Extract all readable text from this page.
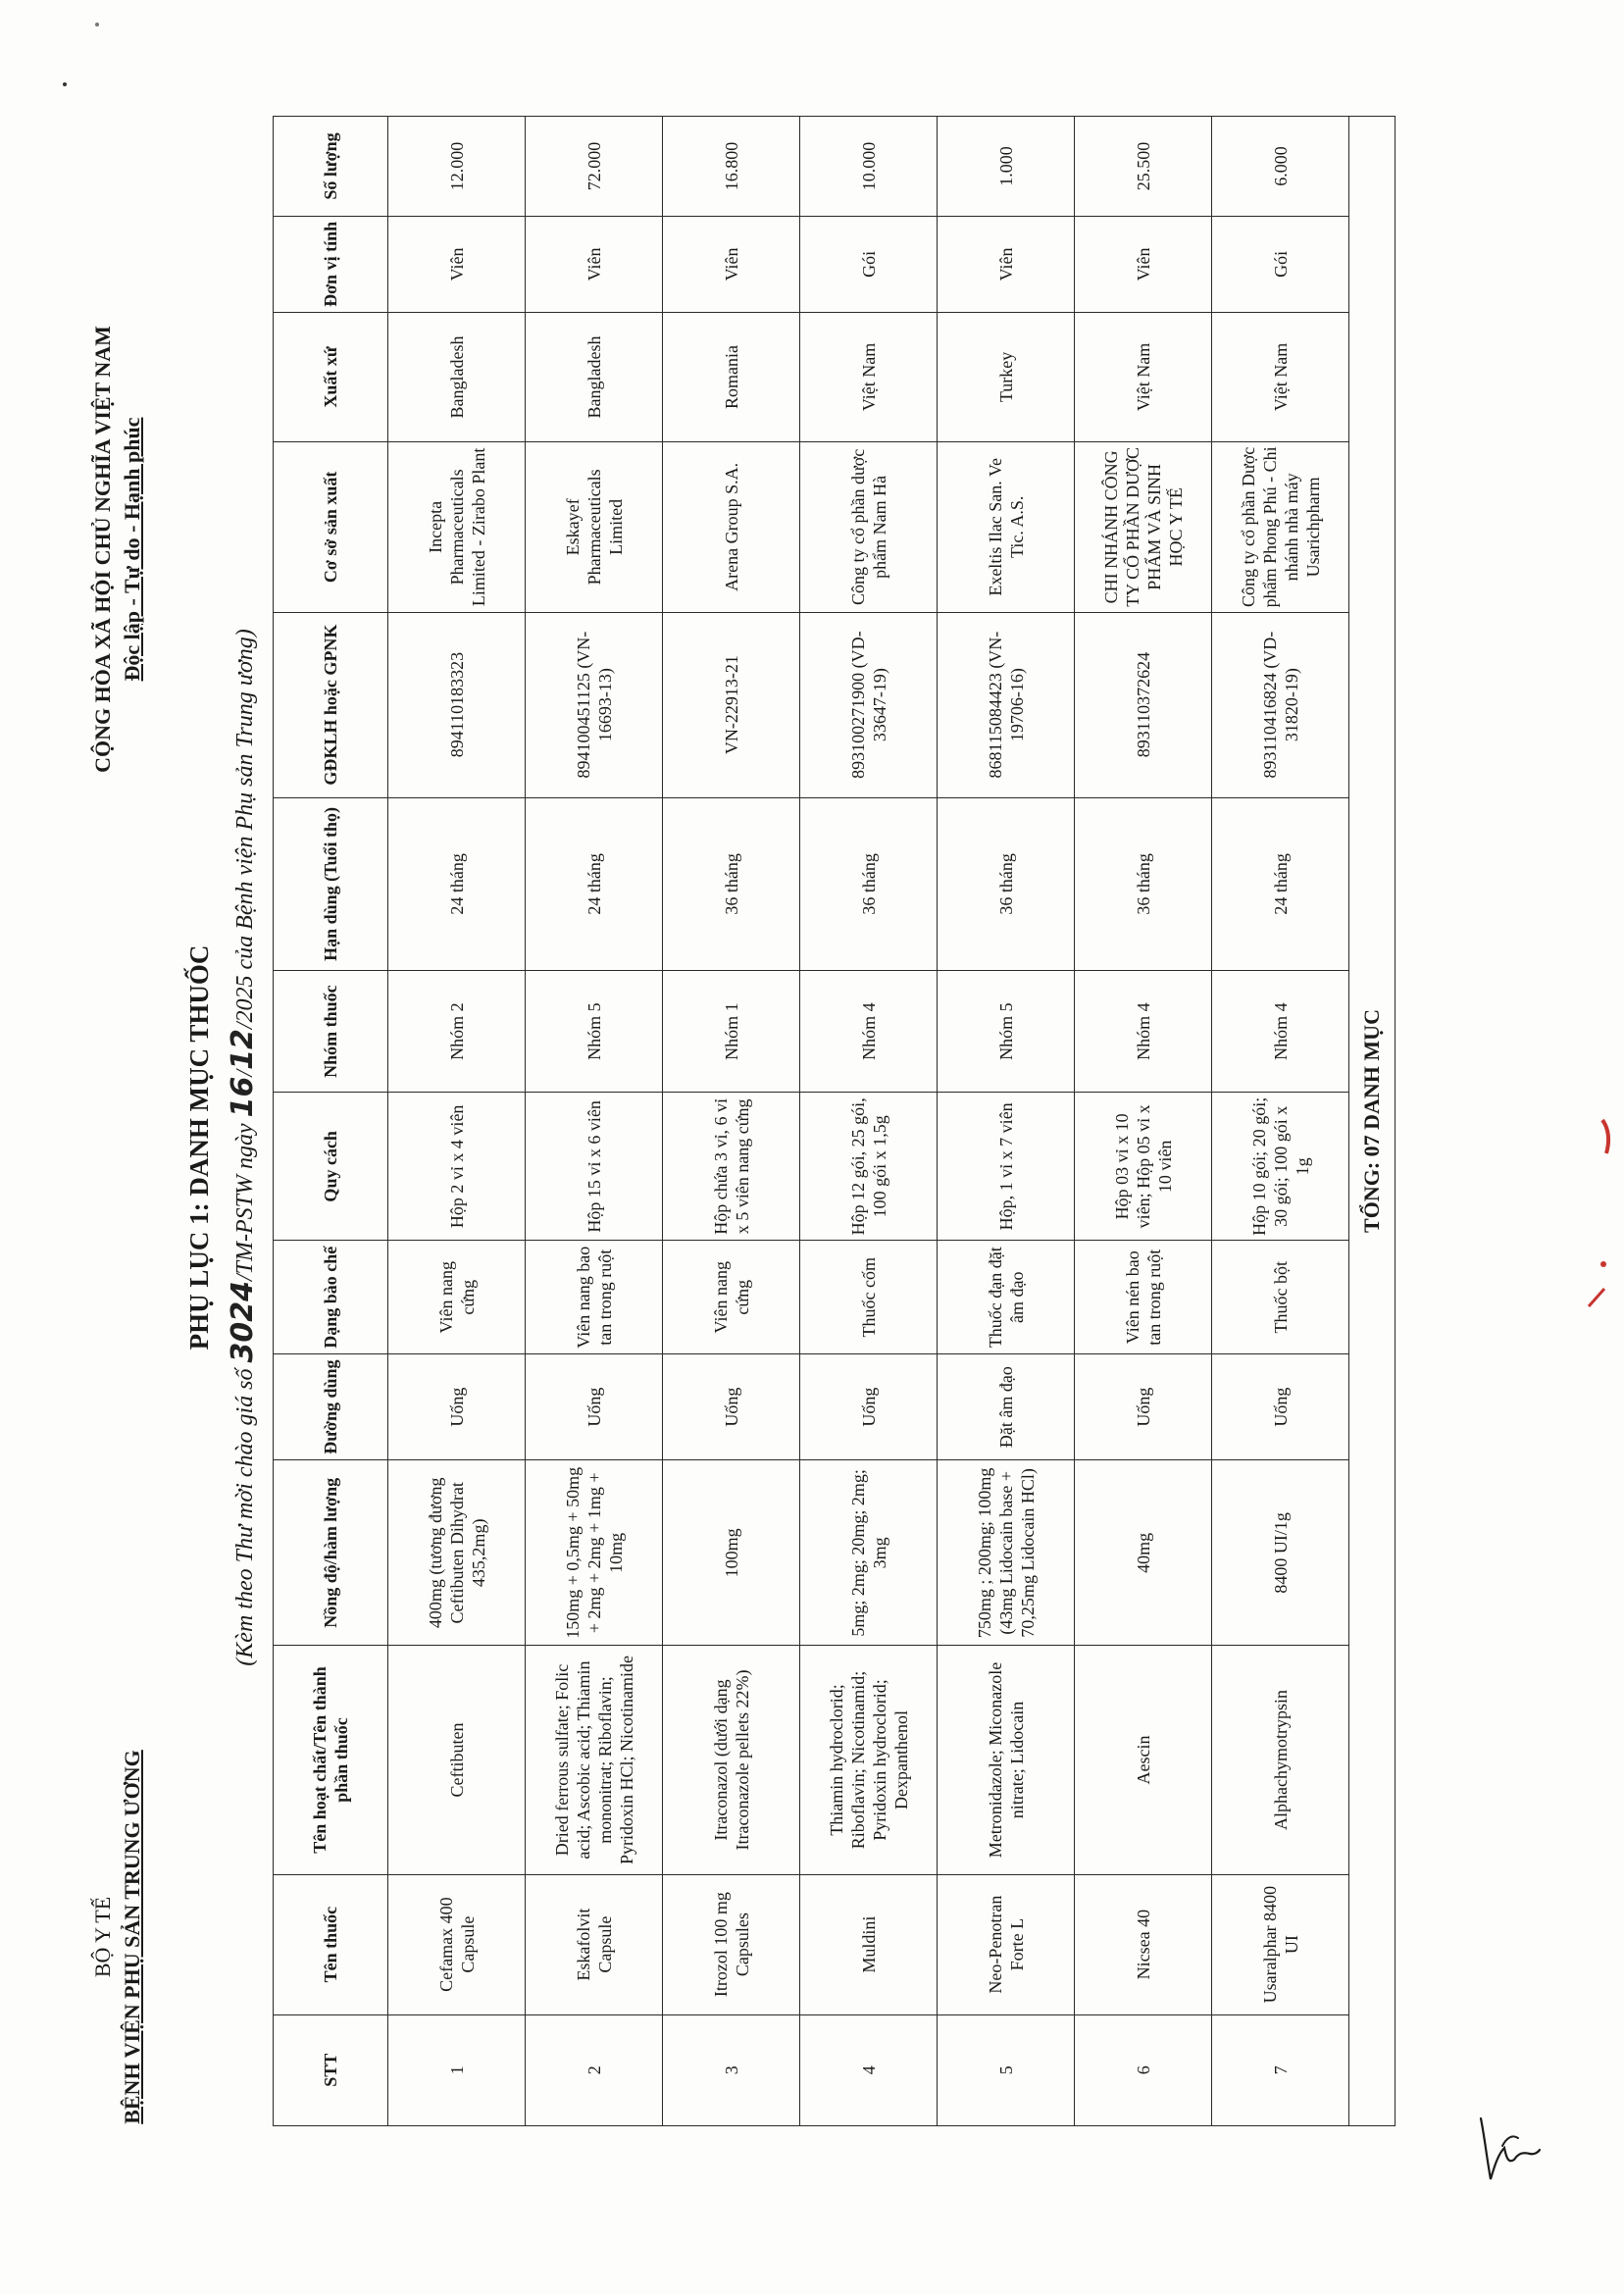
BỘ Y TẾ BỆNH VIỆN PHỤ SẢN TRUNG ƯƠNG
CỘNG HÒA XÃ HỘI CHỦ NGHĨA VIỆT NAM Độc lập - Tự do - Hạnh phúc
PHỤ LỤC 1: DANH MỤC THUỐC
(Kèm theo Thư mời chào giá số 3024/TM-PSTW ngày 16/12/2025 của Bệnh viện Phụ sản Trung ương)
STT	Tên thuốc	Tên hoạt chất/Tên thành phần thuốc	Nồng độ/hàm lượng	Đường dùng	Dạng bào chế	Quy cách	Nhóm thuốc	Hạn dùng (Tuổi thọ)	GĐKLH hoặc GPNK	Cơ sở sản xuất	Xuất xứ	Đơn vị tính	Số lượng
1	Cefamax 400 Capsule	Ceftibuten	400mg (tương đương Ceftibuten Dihydrat 435,2mg)	Uống	Viên nang cứng	Hộp 2 vỉ x 4 viên	Nhóm 2	24 tháng	894110183323	Incepta Pharmaceuticals Limited - Zirabo Plant	Bangladesh	Viên	12.000
2	Eskafolvit Capsule	Dried ferrous sulfate; Folic acid; Ascobic acid; Thiamin mononitrat; Riboflavin; Pyridoxin HCl; Nicotinamide	150mg + 0,5mg + 50mg + 2mg + 2mg + 1mg + 10mg	Uống	Viên nang bao tan trong ruột	Hộp 15 vỉ x 6 viên	Nhóm 5	24 tháng	894100451125 (VN-16693-13)	Eskayef Pharmaceuticals Limited	Bangladesh	Viên	72.000
3	Itrozol 100 mg Capsules	Itraconazol (dưới dạng Itraconazole pellets 22%)	100mg	Uống	Viên nang cứng	Hộp chứa 3 vỉ, 6 vỉ x 5 viên nang cứng	Nhóm 1	36 tháng	VN-22913-21	Arena Group S.A.	Romania	Viên	16.800
4	Muldini	Thiamin hydroclorid; Riboflavin; Nicotinamid; Pyridoxin hydroclorid; Dexpanthenol	5mg; 2mg; 20mg; 2mg; 3mg	Uống	Thuốc cốm	Hộp 12 gói, 25 gói, 100 gói x 1,5g	Nhóm 4	36 tháng	893100271900 (VD-33647-19)	Công ty cổ phần dược phẩm Nam Hà	Việt Nam	Gói	10.000
5	Neo-Penotran Forte L	Metronidazole; Miconazole nitrate; Lidocain	750mg ; 200mg; 100mg (43mg Lidocain base + 70,25mg Lidocain HCl)	Đặt âm đạo	Thuốc đạn đặt âm đạo	Hộp, 1 vỉ x 7 viên	Nhóm 5	36 tháng	868115084423 (VN-19706-16)	Exeltis Ilac San. Ve Tic. A.S.	Turkey	Viên	1.000
6	Nicsea 40	Aescin	40mg	Uống	Viên nén bao tan trong ruột	Hộp 03 vỉ x 10 viên; Hộp 05 vỉ x 10 viên	Nhóm 4	36 tháng	893110372624	CHI NHÁNH CÔNG TY CỔ PHẦN DƯỢC PHẨM VÀ SINH HỌC Y TẾ	Việt Nam	Viên	25.500
7	Usaralphar 8400 UI	Alphachymotrypsin	8400 UI/1g	Uống	Thuốc bột	Hộp 10 gói; 20 gói; 30 gói; 100 gói x 1g	Nhóm 4	24 tháng	893110416824 (VD-31820-19)	Công ty cổ phần Dược phẩm Phong Phú - Chi nhánh nhà máy Usarichpharm	Việt Nam	Gói	6.000
TỔNG: 07 DANH MỤC													
